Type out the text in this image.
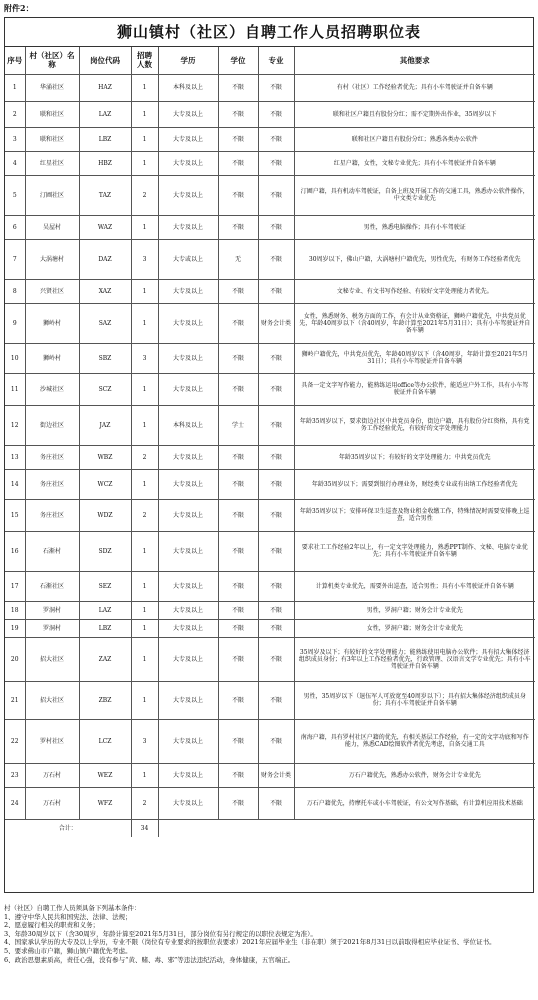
附件2：
狮山镇村（社区）自聘工作人员招聘职位表
序号	村（社区）名称	岗位代码	招聘人数	学历	学位	专业	其他要求
1	华涌社区	HAZ	1	本科及以上	不限	不限	有村（社区）工作经验者优先；具有小车驾驶证并自备车辆
2	联和社区	LAZ	1	大专及以上	不限	不限	联和社区户籍且有股份分红；需不定期外出作业，35周岁以下
3	联和社区	LBZ	1	大专及以上	不限	不限	联和社区户籍且有股份分红；熟悉各类办公软件
4	红星社区	HBZ	1	大专及以上	不限	不限	红星户籍，女性，文秘专业优先；具有小车驾驶证并自备车辆
5	汀圃社区	TAZ	2	大专及以上	不限	不限	汀圃户籍，具有机动车驾驶证，自备上班及开展工作的交通工具，熟悉办公软件操作，中文类专业优先
6	吴屋村	WAZ	1	大专及以上	不限	不限	男性，熟悉电脑操作；具有小车驾驶证
7	大涡塘村	DAZ	3	大专或以上	无	不限	30周岁以下，佛山户籍，大涡塘村户籍优先，男性优先，有财务工作经验者优先
8	兴贤社区	XAZ	1	大专及以上	不限	不限	文秘专业、有文书写作经验、有较好文字处理能力者优先。
9	狮岭村	SAZ	1	大专及以上	不限	财务会计类	女性，熟悉财务、税务方面的工作，有会计从业资格证，狮岭户籍优先，中共党员优先，年龄40周岁以下（含40周岁，年龄计算至2021年5月31日）；具有小车驾驶证并自备车辆
10	狮岭村	SBZ	3	大专及以上	不限	不限	狮岭户籍优先，中共党员优先，年龄40周岁以下（含40周岁，年龄计算至2021年5月31日）；具有小车驾驶证并自备车辆
11	沙城社区	SCZ	1	大专及以上	不限	不限	具备一定文字写作能力，能熟练运用office等办公软件，能适应户外工作，具有小车驾驶证并自备车辆
12	街边社区	JAZ	1	本科及以上	学士	不限	年龄35周岁以下，要求街边社区中共党员身份，街边户籍，具有股份分红资格，具有党务工作经验优先，有较好的文字处理能力
13	务庄社区	WBZ	2	大专及以上	不限	不限	年龄35周岁以下；有较好的文字处理能力；中共党员优先
14	务庄社区	WCZ	1	大专及以上	不限	不限	年龄35周岁以下；需要到银行办理业务，财经类专业或有出纳工作经验者优先
15	务庄社区	WDZ	2	大专及以上	不限	不限	年龄35周岁以下；安排环保卫生巡查及物业租金收缴工作，特殊情况时需要安排晚上巡查，适合男性
16	石渐村	SDZ	1	大专及以上	不限	不限	要求社工工作经验2年以上，有一定文字处理能力，熟悉PPT制作、文秘、电脑专业优先；具有小车驾驶证并自备车辆
17	石渐社区	SEZ	1	大专及以上	不限	不限	计算机类专业优先，需要外出巡查，适合男性；具有小车驾驶证并自备车辆
18	罗洞村	LAZ	1	大专及以上	不限	不限	男性，罗洞户籍；财务会计专业优先
19	罗洞村	LBZ	1	大专及以上	不限	不限	女性，罗洞户籍；财务会计专业优先
20	招大社区	ZAZ	1	大专及以上	不限	不限	35周岁及以下；有较好的文字处理能力；能熟练使用电脑办公软件；具有招大集体经济组织成员身份；有3年以上工作经验者优先，行政管理、汉语言文学专业优先；具有小车驾驶证并自备车辆
21	招大社区	ZBZ	1	大专及以上	不限	不限	男性，35周岁以下（退伍军人可放宽至40周岁以下）；具有招大集体经济组织成员身份；具有小车驾驶证并自备车辆
22	罗村社区	LCZ	3	大专及以上	不限	不限	南海户籍，具有罗村社区户籍的优先，有相关基层工作经验，有一定的文字功底和写作能力，熟悉CAD绘图软件者优先考虑，自备交通工具
23	万石村	WEZ	1	大专及以上	不限	财务会计类	万石户籍优先，熟悉办公软件，财务会计专业优先
24	万石村	WFZ	2	大专及以上	不限	不限	万石户籍优先，持摩托车或小车驾驶证，有公文写作基础，有计算机应用技术基础
合计：			34				
村（社区）自聘工作人员须具备下列基本条件：
1、遵守中华人民共和国宪法、法律、法规；
2、愿意履行相关的职责和义务；
3、年龄30周岁以下（含30周岁，年龄计算至2021年5月31日，部分岗位有另行规定的以职位表规定为准）。
4、国家承认学历的大专及以上学历，专业不限（岗位有专业要求的按职位表要求）2021年应届毕业生（非在职）须于2021年8月31日以前取得相应毕业证书、学位证书。
5、要求佛山市户籍，狮山镇户籍优先考虑。
6、政治思想素质高，责任心强，没有参与“黄、赌、毒、邪”等违法违纪活动，身体健康，五官端正。
